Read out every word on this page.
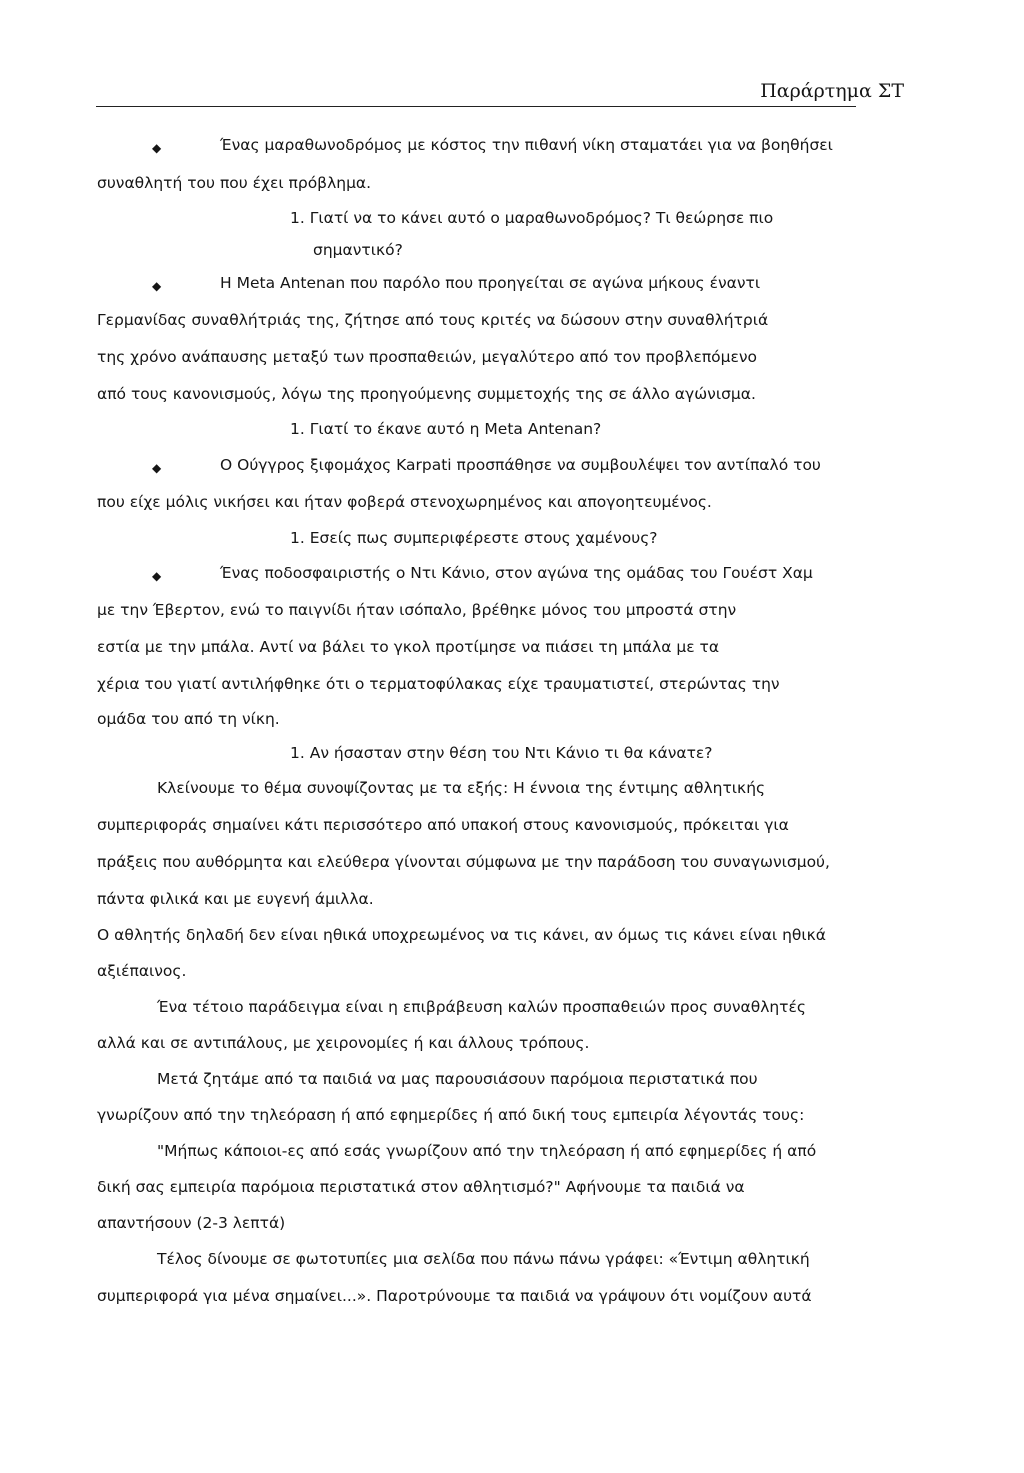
Παράρτημα ΣΤ
◆
◆
◆
◆
Ένας μαραθωνοδρόμος με κόστος την πιθανή νίκη σταματάει για να βοηθήσει
συναθλητή του που έχει πρόβλημα.
1. Γιατί να το κάνει αυτό ο μαραθωνοδρόμος? Τι θεώρησε πιο
σημαντικό?
Η Meta Antenan που παρόλο που προηγείται σε αγώνα μήκους έναντι
Γερμανίδας συναθλήτριάς της, ζήτησε από τους κριτές να δώσουν στην συναθλήτριά
της χρόνο ανάπαυσης μεταξύ των προσπαθειών, μεγαλύτερο από τον προβλεπόμενο
από τους κανονισμούς, λόγω της προηγούμενης συμμετοχής της σε άλλο αγώνισμα.
1. Γιατί το έκανε αυτό η Meta Antenan?
Ο Ούγγρος ξιφομάχος Karpati προσπάθησε να συμβουλέψει τον αντίπαλό του
που είχε μόλις νικήσει και ήταν φοβερά στενοχωρημένος και απογοητευμένος.
1. Εσείς πως συμπεριφέρεστε στους χαμένους?
Ένας ποδοσφαιριστής ο Ντι Κάνιο, στον αγώνα της ομάδας του Γουέστ Χαμ
με την Έβερτον, ενώ το παιγνίδι ήταν ισόπαλο, βρέθηκε μόνος του μπροστά στην
εστία με την μπάλα. Αντί να βάλει το γκολ προτίμησε να πιάσει τη μπάλα με τα
χέρια του γιατί αντιλήφθηκε ότι ο τερματοφύλακας είχε τραυματιστεί, στερώντας την
ομάδα του από τη νίκη.
1. Αν ήσασταν στην θέση του Ντι Κάνιο τι θα κάνατε?
Κλείνουμε το θέμα συνοψίζοντας με τα εξής: Η έννοια της έντιμης αθλητικής
συμπεριφοράς σημαίνει κάτι περισσότερο από υπακοή στους κανονισμούς, πρόκειται για
πράξεις που αυθόρμητα και ελεύθερα γίνονται σύμφωνα με την παράδοση του συναγωνισμού,
πάντα φιλικά και με ευγενή άμιλλα.
Ο αθλητής δηλαδή δεν είναι ηθικά υποχρεωμένος να τις κάνει, αν όμως τις κάνει είναι ηθικά
αξιέπαινος.
Ένα τέτοιο παράδειγμα είναι η επιβράβευση καλών προσπαθειών προς συναθλητές
αλλά και σε αντιπάλους, με χειρονομίες ή και άλλους τρόπους.
Μετά ζητάμε από τα παιδιά να μας παρουσιάσουν παρόμοια περιστατικά που
γνωρίζουν από την τηλεόραση ή από εφημερίδες ή από δική τους εμπειρία λέγοντάς τους:
"Μήπως κάποιοι-ες από εσάς γνωρίζουν από την τηλεόραση ή από εφημερίδες ή από
δική σας εμπειρία παρόμοια περιστατικά στον αθλητισμό?" Αφήνουμε τα παιδιά να
απαντήσουν (2-3 λεπτά)
Τέλος δίνουμε σε φωτοτυπίες μια σελίδα που πάνω πάνω γράφει: «Έντιμη αθλητική
συμπεριφορά για μένα σημαίνει...». Παροτρύνουμε τα παιδιά να γράψουν ότι νομίζουν αυτά
